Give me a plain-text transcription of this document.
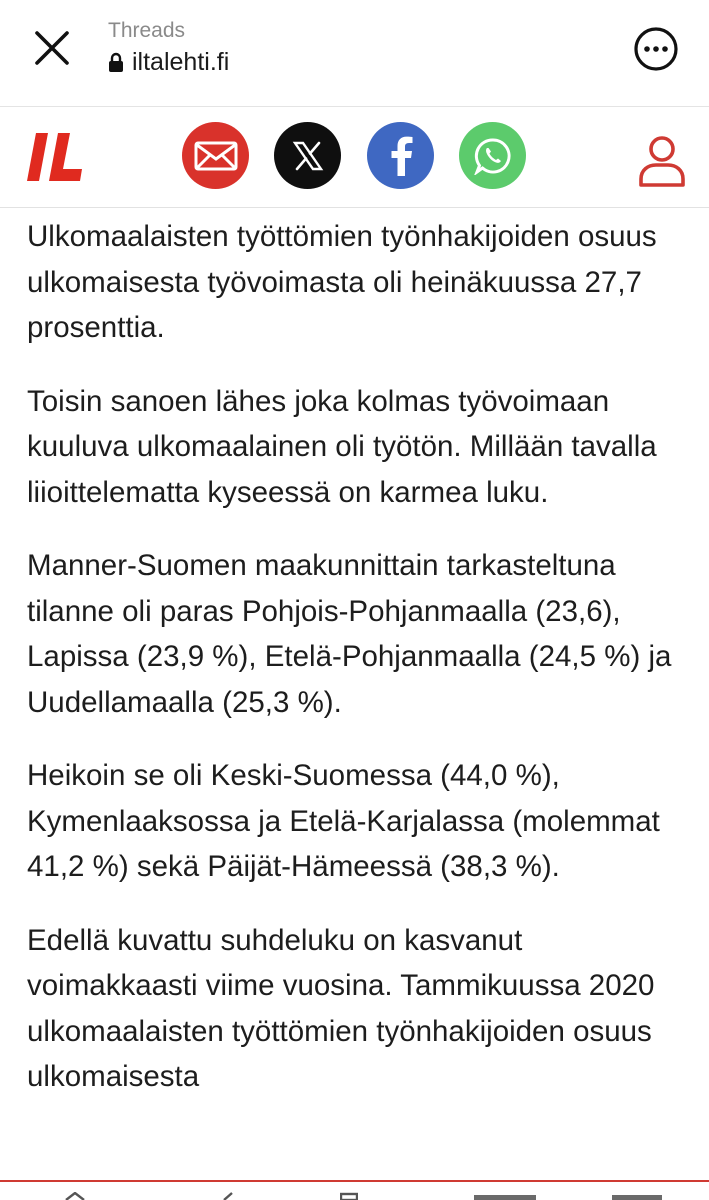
Threads
iltalehti.fi

Ulkomaalaisten työttömien työnhakijoiden osuus ulkomaisesta työvoimasta oli heinäkuussa 27,7 prosenttia.

Toisin sanoen lähes joka kolmas työvoimaan kuuluva ulkomaalainen oli työtön. Millään tavalla liioittelematta kyseessä on karmea luku.

Manner-Suomen maakunnittain tarkasteltuna tilanne oli paras Pohjois-Pohjanmaalla (23,6), Lapissa (23,9 %), Etelä-Pohjanmaalla (24,5 %) ja Uudellamaalla (25,3 %).

Heikoin se oli Keski-Suomessa (44,0 %), Kymenlaaksossa ja Etelä-Karjalassa (molemmat 41,2 %) sekä Päijät-Hämeessä (38,3 %).

Edellä kuvattu suhdeluku on kasvanut voimakkaasti viime vuosina. Tammikuussa 2020 ulkomaalaisten työttömien työnhakijoiden osuus ulkomaisesta
